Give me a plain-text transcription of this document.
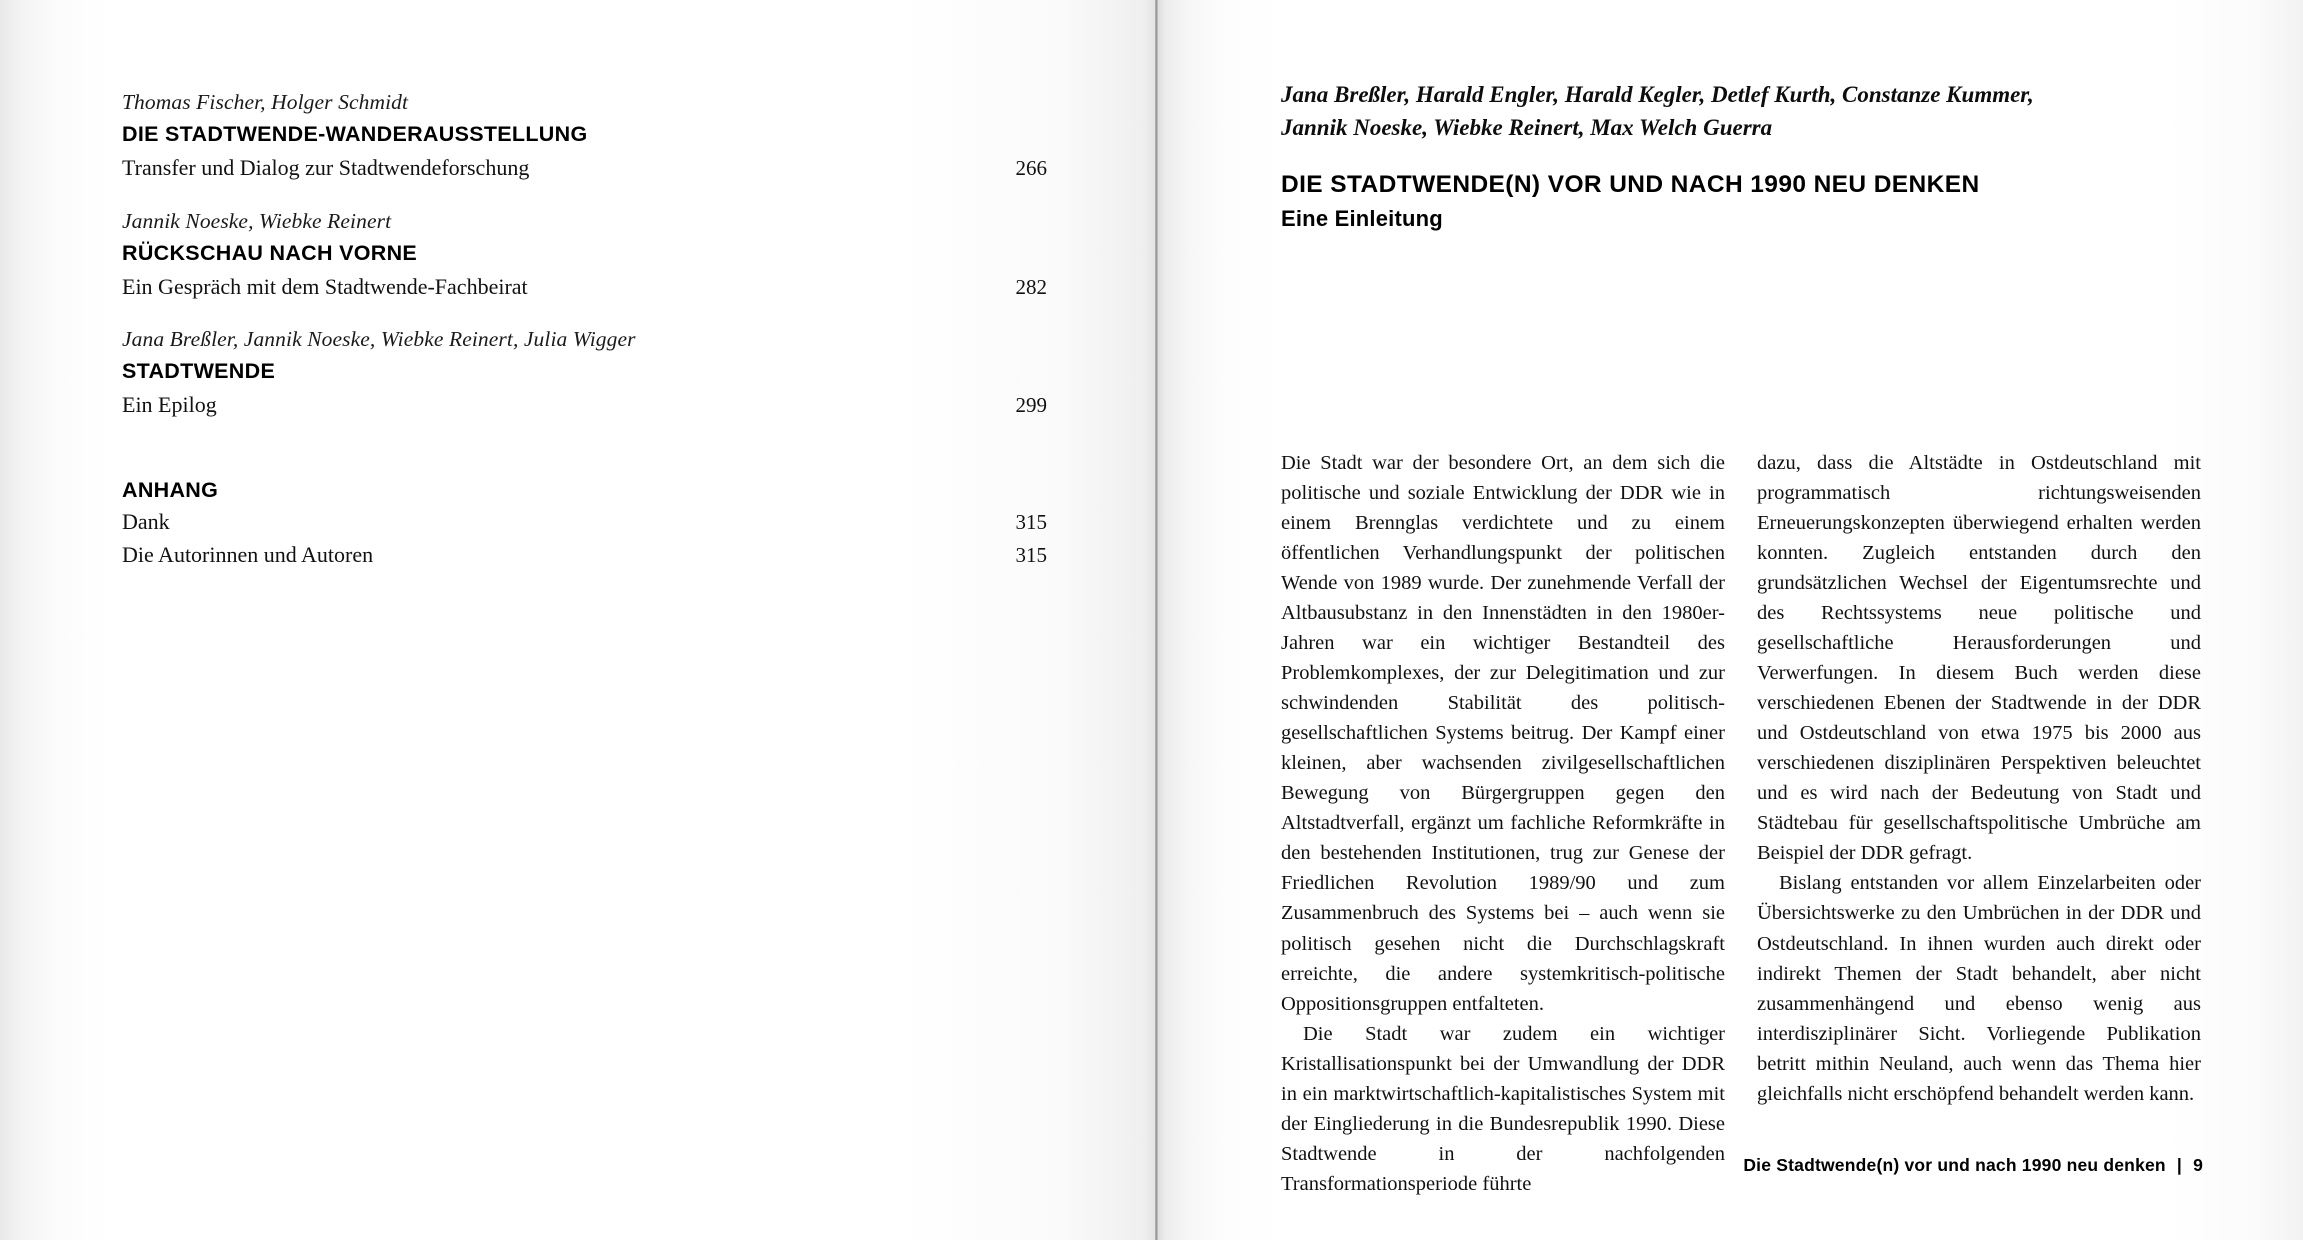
Thomas Fischer, Holger Schmidt
DIE STADTWENDE-WANDERAUSSTELLUNG
Transfer und Dialog zur Stadtwendeforschung	266
Jannik Noeske, Wiebke Reinert
RÜCKSCHAU NACH VORNE
Ein Gespräch mit dem Stadtwende-Fachbeirat	282
Jana Breßler, Jannik Noeske, Wiebke Reinert, Julia Wigger
STADTWENDE
Ein Epilog	299
ANHANG
Dank	315
Die Autorinnen und Autoren	315
Jana Breßler, Harald Engler, Harald Kegler, Detlef Kurth, Constanze Kummer,
Jannik Noeske, Wiebke Reinert, Max Welch Guerra
DIE STADTWENDE(N) VOR UND NACH 1990 NEU DENKEN
Eine Einleitung

Die Stadt war der besondere Ort, an dem sich die politische und soziale Entwicklung der DDR wie in einem Brennglas verdichtete und zu einem öffentlichen Verhandlungspunkt der politischen Wende von 1989 wurde. Der zunehmende Verfall der Altbausubstanz in den Innenstädten in den 1980er-Jahren war ein wichtiger Bestandteil des Problemkomplexes, der zur Delegitimation und zur schwindenden Stabilität des politisch-gesellschaftlichen Systems beitrug. Der Kampf einer kleinen, aber wachsenden zivilgesellschaftlichen Bewegung von Bürgergruppen gegen den Altstadtverfall, ergänzt um fachliche Reformkräfte in den bestehenden Institutionen, trug zur Genese der Friedlichen Revolution 1989/90 und zum Zusammenbruch des Systems bei – auch wenn sie politisch gesehen nicht die Durchschlagskraft erreichte, die andere systemkritisch-politische Oppositionsgruppen entfalteten.

Die Stadt war zudem ein wichtiger Kristallisationspunkt bei der Umwandlung der DDR in ein marktwirtschaftlich-kapitalistisches System mit der Eingliederung in die Bundesrepublik 1990. Diese Stadtwende in der nachfolgenden Transformationsperiode führte

dazu, dass die Altstädte in Ostdeutschland mit programmatisch richtungsweisenden Erneuerungskonzepten überwiegend erhalten werden konnten. Zugleich entstanden durch den grundsätzlichen Wechsel der Eigentumsrechte und des Rechtssystems neue politische und gesellschaftliche Herausforderungen und Verwerfungen. In diesem Buch werden diese verschiedenen Ebenen der Stadtwende in der DDR und Ostdeutschland von etwa 1975 bis 2000 aus verschiedenen disziplinären Perspektiven beleuchtet und es wird nach der Bedeutung von Stadt und Städtebau für gesellschaftspolitische Umbrüche am Beispiel der DDR gefragt.

Bislang entstanden vor allem Einzelarbeiten oder Übersichtswerke zu den Umbrüchen in der DDR und Ostdeutschland. In ihnen wurden auch direkt oder indirekt Themen der Stadt behandelt, aber nicht zusammenhängend und ebenso wenig aus interdisziplinärer Sicht. Vorliegende Publikation betritt mithin Neuland, auch wenn das Thema hier gleichfalls nicht erschöpfend behandelt werden kann.

Die Stadtwende(n) vor und nach 1990 neu denken | 9
